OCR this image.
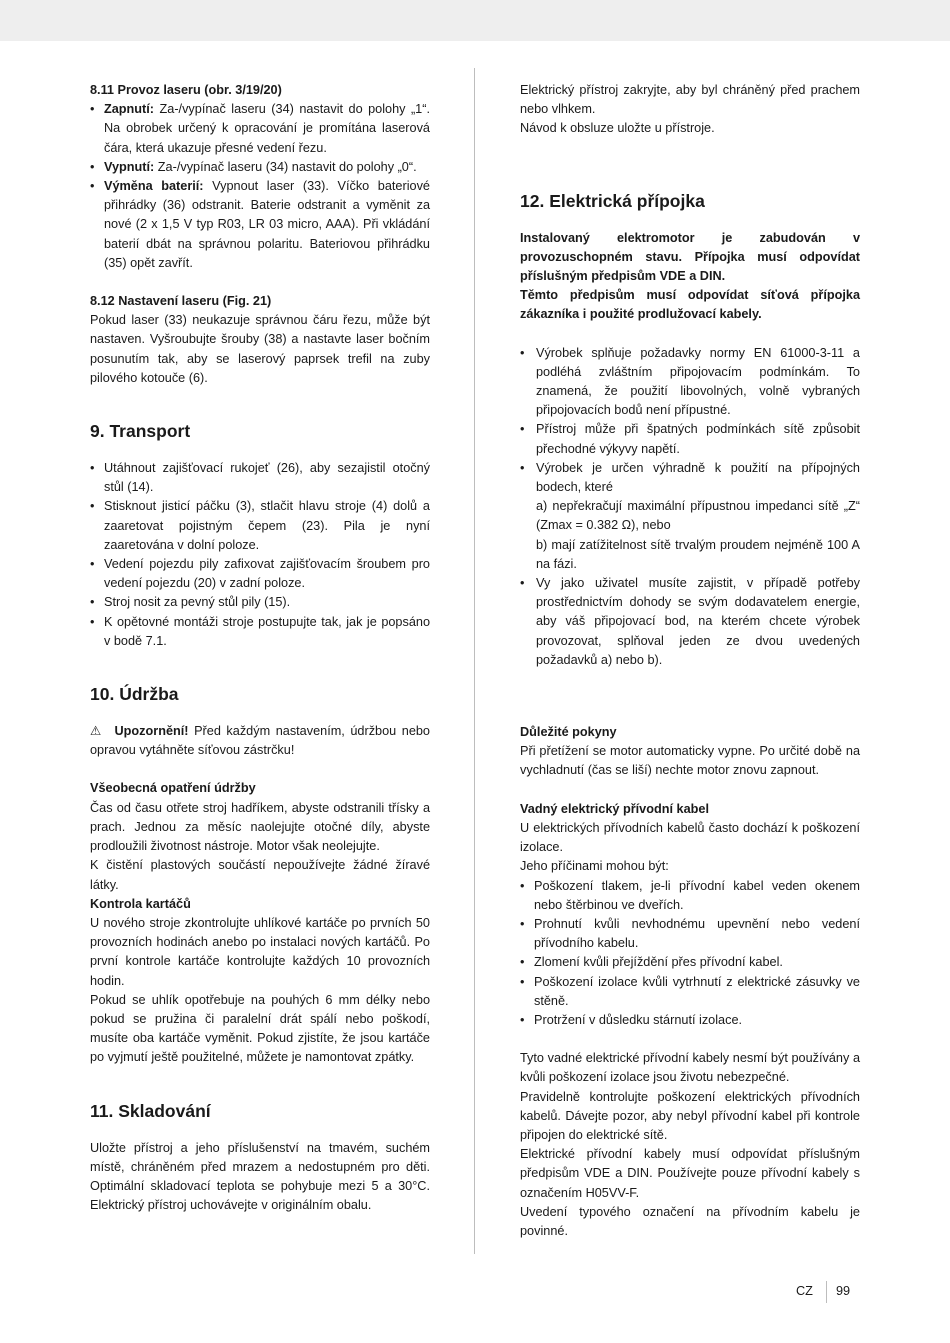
8.11 Provoz laseru (obr. 3/19/20)

• Zapnutí: Za-/vypínač laseru (34) nastavit do polohy „1“. Na obrobek určený k opracování je promítána laserová čára, která ukazuje přesné vedení řezu.
• Vypnutí: Za-/vypínač laseru (34) nastavit do polohy „0“.
• Výměna baterií: Vypnout laser (33). Víčko bateriové přihrádky (36) odstranit. Baterie odstranit a vyměnit za nové (2 x 1,5 V typ R03, LR 03 micro, AAA). Při vkládání baterií dbát na správnou polaritu. Bateriovou přihrádku (35) opět zavřít.

8.12 Nastavení laseru (Fig. 21)

Pokud laser (33) neukazuje správnou čáru řezu, může být nastaven. Vyšroubujte šrouby (38) a nastavte laser bočním posunutím tak, aby se laserový paprsek trefil na zuby pilového kotouče (6).

9. Transport
• Utáhnout zajišťovací rukojeť (26), aby sezajistil otočný stůl (14).
• Stisknout jisticí páčku (3), stlačit hlavu stroje (4) dolů a zaaretovat pojistným čepem (23). Pila je nyní zaaretována v dolní poloze.
• Vedení pojezdu pily zafixovat zajišťovacím šroubem pro vedení pojezdu (20) v zadní poloze.
• Stroj nosit za pevný stůl pily (15).
• K opětovné montáži stroje postupujte tak, jak je popsáno v bodě 7.1.
10. Údržba

⚠ Upozornění! Před každým nastavením, údržbou nebo opravou vytáhněte síťovou zástrčku!

Všeobecná opatření údržby

Čas od času otřete stroj hadříkem, abyste odstranili třísky a prach. Jednou za měsíc naolejujte otočné díly, abyste prodloužili životnost nástroje. Motor však neolejujte.

K čistění plastových součástí nepoužívejte žádné žíravé látky.

Kontrola kartáčů

U nového stroje zkontrolujte uhlíkové kartáče po prvních 50 provozních hodinách anebo po instalaci nových kartáčů. Po první kontrole kartáče kontrolujte každých 10 provozních hodin.

Pokud se uhlík opotřebuje na pouhých 6 mm délky nebo pokud se pružina či paralelní drát spálí nebo poškodí, musíte oba kartáče vyměnit. Pokud zjistíte, že jsou kartáče po vyjmutí ještě použitelné, můžete je namontovat zpátky.

11. Skladování

Uložte přístroj a jeho příslušenství na tmavém, suchém místě, chráněném před mrazem a nedostupném pro děti. Optimální skladovací teplota se pohybuje mezi 5 a 30°C. Elektrický přístroj uchovávejte v originálním obalu.

Elektrický přístroj zakryjte, aby byl chráněný před prachem nebo vlhkem.

Návod k obsluze uložte u přístroje.

12. Elektrická přípojka

Instalovaný elektromotor je zabudován v provozuschopném stavu. Přípojka musí odpovídat příslušným předpisům VDE a DIN.

Těmto předpisům musí odpovídat síťová přípojka zákazníka i použité prodlužovací kabely.

• Výrobek splňuje požadavky normy EN 61000-3-11 a podléhá zvláštním připojovacím podmínkám. To znamená, že použití libovolných, volně vybraných připojovacích bodů není přípustné.
• Přístroj může při špatných podmínkách sítě způsobit přechodné výkyvy napětí.
• Výrobek je určen výhradně k použití na přípojných bodech, které
a) nepřekračují maximální přípustnou impedanci sítě „Z“ (Zmax = 0.382 Ω), nebo
b) mají zatížitelnost sítě trvalým proudem nejméně 100 A na fázi.
• Vy jako uživatel musíte zajistit, v případě potřeby prostřednictvím dohody se svým dodavatelem energie, aby váš připojovací bod, na kterém chcete výrobek provozovat, splňoval jeden ze dvou uvedených požadavků a) nebo b).

Důležité pokyny

Při přetížení se motor automaticky vypne. Po určité době na vychladnutí (čas se liší) nechte motor znovu zapnout.

Vadný elektrický přívodní kabel

U elektrických přívodních kabelů často dochází k poškození izolace.

Jeho příčinami mohou být:

• Poškození tlakem, je-li přívodní kabel veden okenem nebo štěrbinou ve dveřích.
• Prohnutí kvůli nevhodnému upevnění nebo vedení přívodního kabelu.
• Zlomení kvůli přejíždění přes přívodní kabel.
• Poškození izolace kvůli vytrhnutí z elektrické zásuvky ve stěně.
• Protržení v důsledku stárnutí izolace.

Tyto vadné elektrické přívodní kabely nesmí být používány a kvůli poškození izolace jsou životu nebezpečné.

Pravidelně kontrolujte poškození elektrických přívodních kabelů. Dávejte pozor, aby nebyl přívodní kabel při kontrole připojen do elektrické sítě.

Elektrické přívodní kabely musí odpovídat příslušným předpisům VDE a DIN. Používejte pouze přívodní kabely s označením H05VV-F.

Uvedení typového označení na přívodním kabelu je povinné.

CZ 99
